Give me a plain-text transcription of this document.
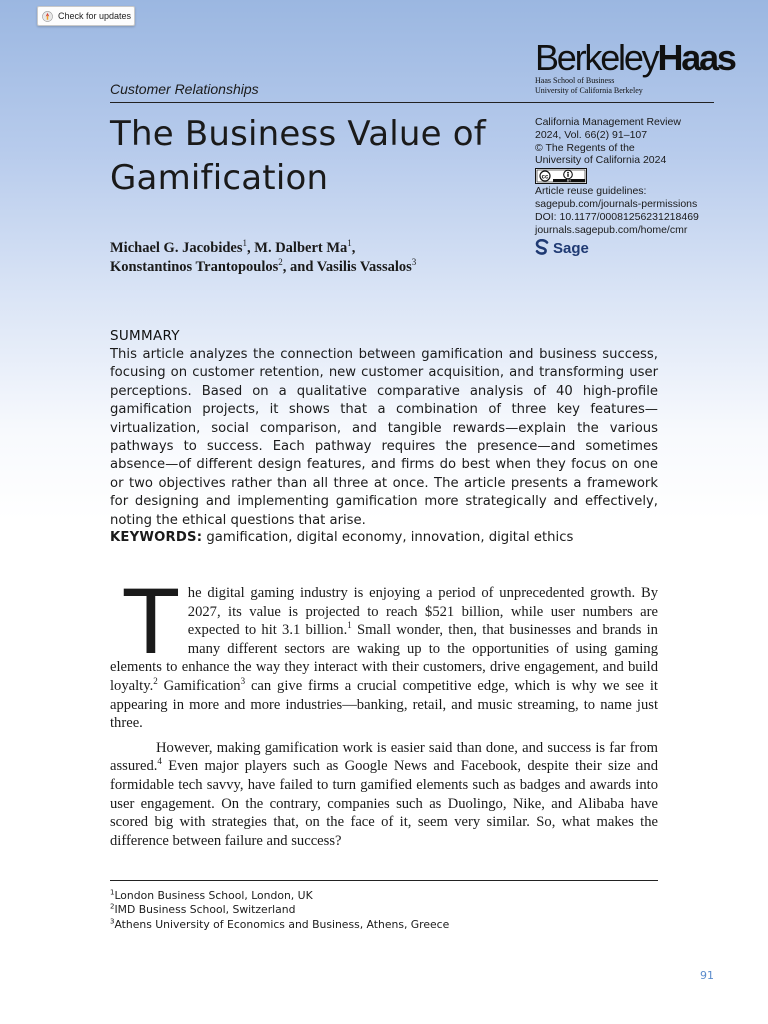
Check for updates
Customer Relationships
BerkeleyHaas
Haas School of Business
University of California Berkeley
The Business Value of Gamification
Michael G. Jacobides$^1$, M. Dalbert Ma$^1$,
Konstantinos Trantopoulos$^2$, and Vasilis Vassalos$^3$
California Management Review
2024, Vol. 66(2) 91–107
© The Regents of the
University of California 2024
cc
BY
Article reuse guidelines:
sagepub.com/journals-permissions
DOI: 10.1177/00081256231218469
journals.sagepub.com/home/cmr
Sage
SUMMARY
This article analyzes the connection between gamification and business success, focusing on customer retention, new customer acquisition, and transforming user perceptions. Based on a qualitative comparative analysis of 40 high-profile gamification projects, it shows that a combination of three key features—virtualization, social comparison, and tangible rewards—explain the various pathways to success. Each pathway requires the presence—and sometimes absence—of different design features, and firms do best when they focus on one or two objectives rather than all three at once. The article presents a framework for designing and implementing gamification more strategically and effectively, noting the ethical questions that arise.
KEYWORDS: gamification, digital economy, innovation, digital ethics

The digital gaming industry is enjoying a period of unprecedented growth. By 2027, its value is projected to reach $521 billion, while user numbers are expected to hit 3.1 billion.$^1$ Small wonder, then, that businesses and brands in many different sectors are waking up to the opportunities of using gaming elements to enhance the way they interact with their customers, drive engagement, and build loyalty.$^2$ Gamification$^3$ can give firms a crucial competitive edge, which is why we see it appearing in more and more industries—banking, retail, and music streaming, to name just three.

However, making gamification work is easier said than done, and success is far from assured.$^4$ Even major players such as Google News and Facebook, despite their size and formidable tech savvy, have failed to turn gamified elements such as badges and awards into user engagement. On the contrary, companies such as Duolingo, Nike, and Alibaba have scored big with strategies that, on the face of it, seem very similar. So, what makes the difference between failure and success?

$^1$London Business School, London, UK
$^2$IMD Business School, Switzerland
$^3$Athens University of Economics and Business, Athens, Greece
91
